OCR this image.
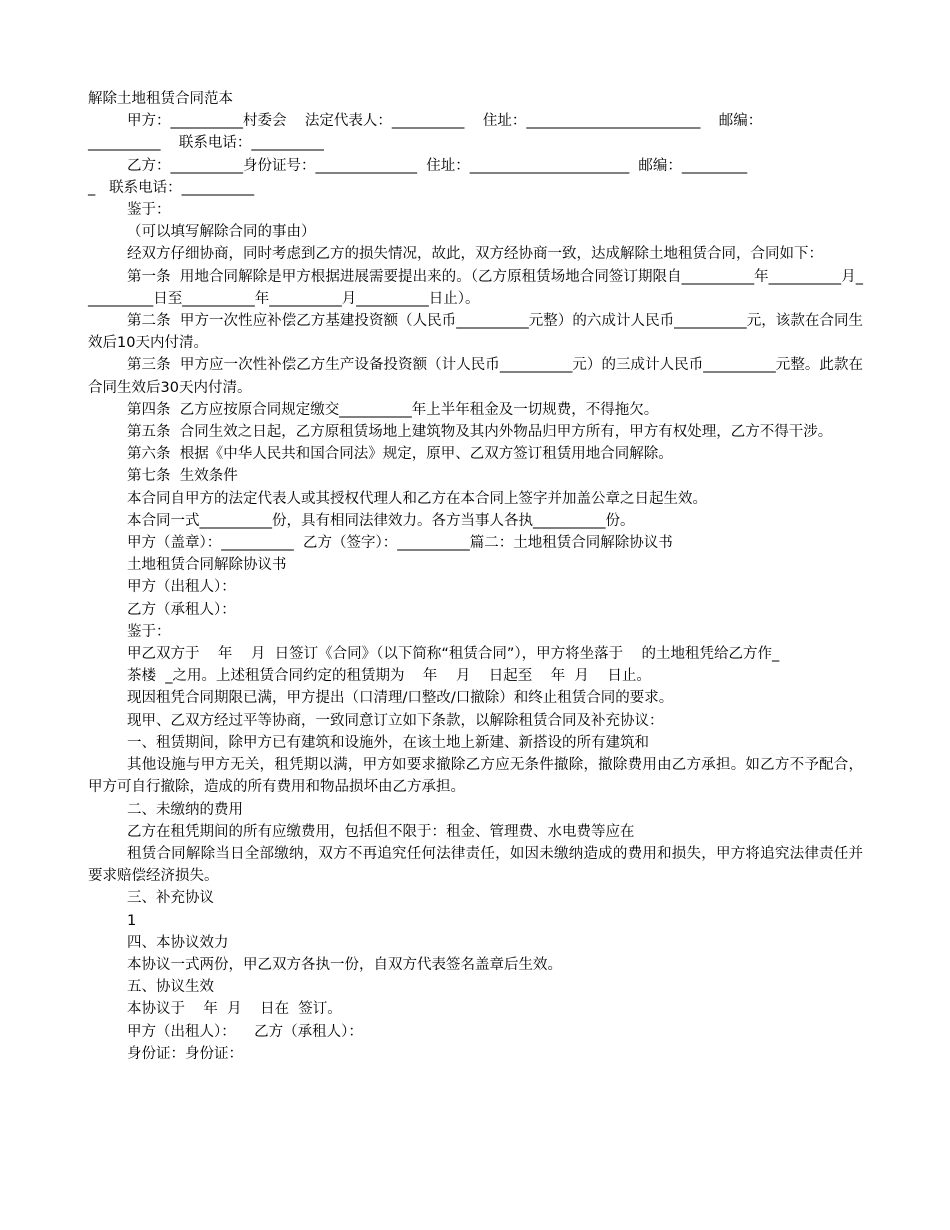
解除土地租赁合同范本

甲方：__________村委会    法定代表人：__________    住址：________________________    邮编：

__________    联系电话：__________

乙方：__________身份证号：______________  住址：______________________  邮编：_________

_   联系电话：__________

鉴于：

（可以填写解除合同的事由）

经双方仔细协商，同时考虑到乙方的损失情况，故此，双方经协商一致，达成解除土地租赁合同，合同如下：

第一条  用地合同解除是甲方根据进展需要提出来的。（乙方原租赁场地合同签订期限自__________年__________月__________日至__________年__________月__________日止）。

第二条  甲方一次性应补偿乙方基建投资额（人民币__________元整）的六成计人民币__________元，该款在合同生效后10天内付清。

第三条  甲方应一次性补偿乙方生产设备投资额（计人民币__________元）的三成计人民币__________元整。此款在合同生效后30天内付清。

第四条  乙方应按原合同规定缴交__________年上半年租金及一切规费，不得拖欠。

第五条  合同生效之日起，乙方原租赁场地上建筑物及其内外物品归甲方所有，甲方有权处理，乙方不得干涉。

第六条  根据《中华人民共和国合同法》规定，原甲、乙双方签订租赁用地合同解除。

第七条  生效条件

本合同自甲方的法定代表人或其授权代理人和乙方在本合同上签字并加盖公章之日起生效。

本合同一式__________份，具有相同法律效力。各方当事人各执__________份。

甲方（盖章）：__________  乙方（签字）：__________篇二：土地租赁合同解除协议书

土地租赁合同解除协议书

甲方（出租人）：

乙方（承租人）：

鉴于：

甲乙双方于    年    月  日签订《合同》（以下简称“租赁合同”），甲方将坐落于    的土地租凭给乙方作_

茶楼  _之用。上述租赁合同约定的租赁期为    年    月    日起至    年  月    日止。

现因租凭合同期限已满，甲方提出（口清理/口整改/口撤除）和终止租赁合同的要求。

现甲、乙双方经过平等协商，一致同意订立如下条款，以解除租赁合同及补充协议：

一、租赁期间，除甲方已有建筑和设施外，在该土地上新建、新搭设的所有建筑和

其他设施与甲方无关，租凭期以满，甲方如要求撤除乙方应无条件撤除，撤除费用由乙方承担。如乙方不予配合，甲方可自行撤除，造成的所有费用和物品损坏由乙方承担。

二、未缴纳的费用

乙方在租凭期间的所有应缴费用，包括但不限于：租金、管理费、水电费等应在

租赁合同解除当日全部缴纳，双方不再追究任何法律责任，如因未缴纳造成的费用和损失，甲方将追究法律责任并要求赔偿经济损失。

三、补充协议

1

四、本协议效力

本协议一式两份，甲乙双方各执一份，自双方代表签名盖章后生效。

五、协议生效

本协议于    年  月    日在  签订。

甲方（出租人）：    乙方（承租人）：

身份证：身份证：
